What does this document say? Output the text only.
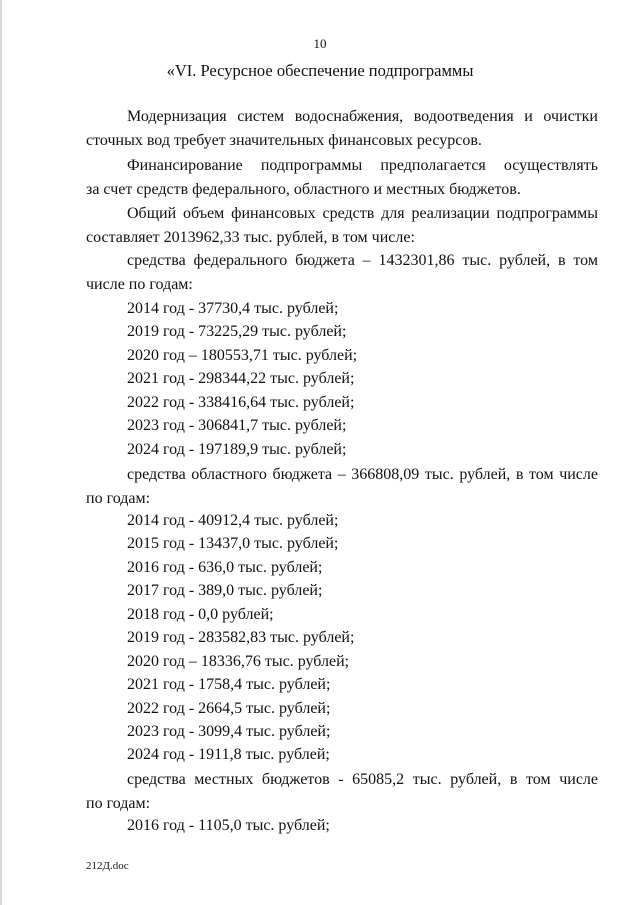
10
«VI. Ресурсное обеспечение подпрограммы
Модернизация систем водоснабжения, водоотведения и очистки
сточных вод требует значительных финансовых ресурсов.
Финансирование подпрограммы предполагается осуществлять
за счет средств федерального, областного и местных бюджетов.
Общий объем финансовых средств для реализации подпрограммы
составляет 2013962,33 тыс. рублей, в том числе:
средства федерального бюджета – 1432301,86 тыс. рублей, в том
числе по годам:
2014 год - 37730,4 тыс. рублей;
2019 год - 73225,29 тыс. рублей;
2020 год – 180553,71 тыс. рублей;
2021 год - 298344,22 тыс. рублей;
2022 год - 338416,64 тыс. рублей;
2023 год - 306841,7 тыс. рублей;
2024 год - 197189,9 тыс. рублей;
средства областного бюджета – 366808,09 тыс. рублей, в том числе
по годам:
2014 год - 40912,4 тыс. рублей;
2015 год - 13437,0 тыс. рублей;
2016 год - 636,0 тыс. рублей;
2017 год - 389,0 тыс. рублей;
2018 год - 0,0 рублей;
2019 год - 283582,83 тыс. рублей;
2020 год – 18336,76 тыс. рублей;
2021 год - 1758,4 тыс. рублей;
2022 год - 2664,5 тыс. рублей;
2023 год - 3099,4 тыс. рублей;
2024 год - 1911,8 тыс. рублей;
средства местных бюджетов - 65085,2 тыс. рублей, в том числе
по годам:
2016 год - 1105,0 тыс. рублей;
212Д.doc
